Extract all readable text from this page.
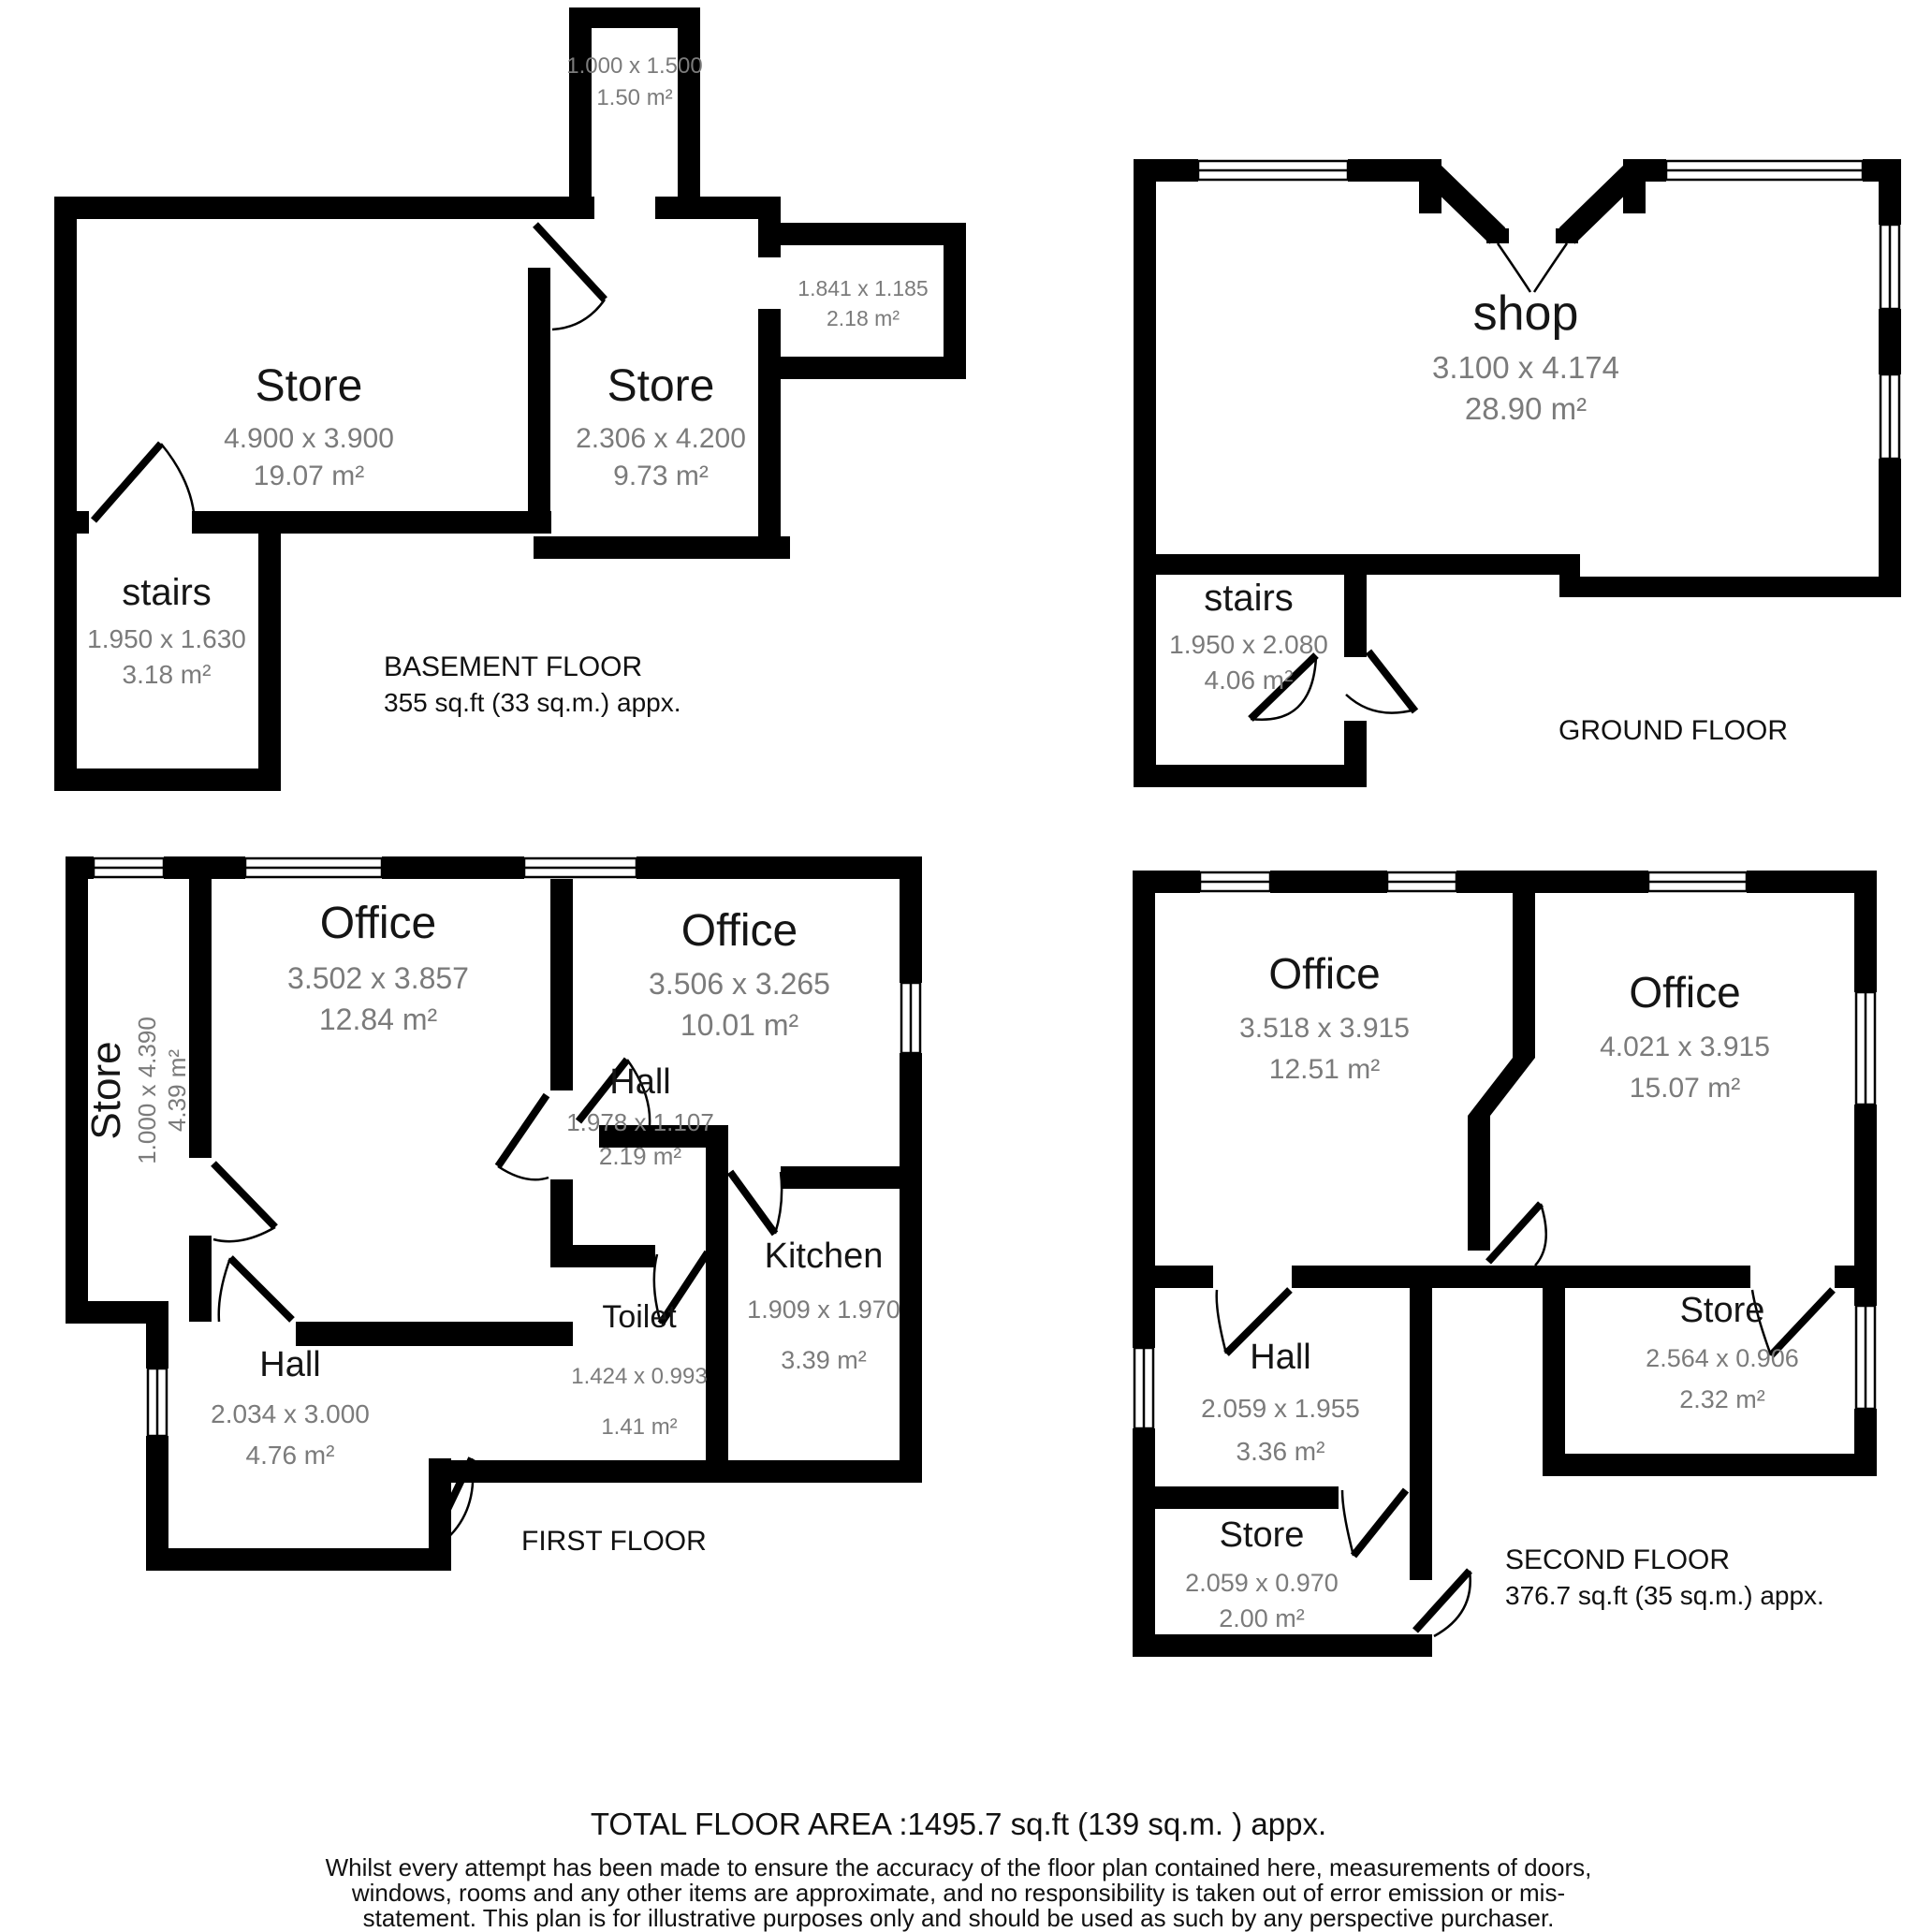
1.000 x 1.500
1.50 m²
Store
4.900 x 3.900
19.07 m²
Store
2.306 x 4.200
9.73 m²
1.841 x 1.185
2.18 m²
stairs
1.950 x 1.630
3.18 m²	BASEMENT FLOOR
355 sq.ft (33 sq.m.) appx.
shop
3.100 x 4.174
28.90 m²
stairs
1.950 x 2.080
4.06 m²
GROUND FLOOR
Store 1.000 x 4.390 4.39 m²
Office
3.502 x 3.857
12.84 m²
Office
3.506 x 3.265
10.01 m²
Hall
1.978 x 1.107
2.19 m²
Kitchen
1.909 x 1.970
3.39 m²
Toilet
1.424 x 0.993
1.41 m²
Hall
2.034 x 3.000
4.76 m²
FIRST FLOOR
Office
3.518 x 3.915
12.51 m²
Office
4.021 x 3.915
15.07 m²
Hall
2.059 x 1.955
3.36 m²
Store
2.564 x 0.906
2.32 m²
Store
2.059 x 0.970
2.00 m²
SECOND FLOOR
376.7 sq.ft (35 sq.m.) appx.
TOTAL FLOOR AREA :1495.7 sq.ft (139 sq.m. ) appx.
Whilst every attempt has been made to ensure the accuracy of the floor plan contained here, measurements of doors,
windows, rooms and any other items are approximate, and no responsibility is taken out of error emission or mis-
statement. This plan is for illustrative purposes only and should be used as such by any perspective purchaser.
